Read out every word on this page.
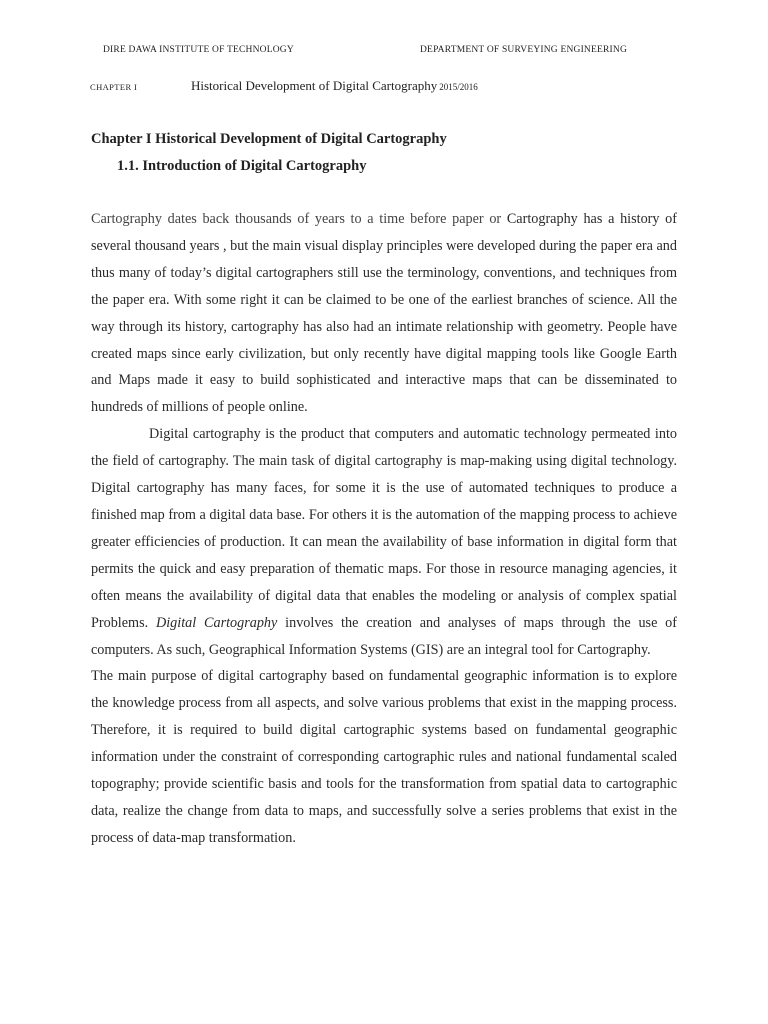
DIRE DAWA INSTITUTE OF TECHNOLOGY	DEPARTMENT OF SURVEYING ENGINEERING
CHAPTER I	Historical Development of Digital Cartography 2015/2016
Chapter I Historical Development of Digital Cartography
1.1. Introduction of Digital Cartography

Cartography dates back thousands of years to a time before paper or Cartography has a history of several thousand years , but the main visual display principles were developed during the paper era and thus many of today’s digital cartographers still use the terminology, conventions, and techniques from the paper era. With some right it can be claimed to be one of the earliest branches of science. All the way through its history, cartography has also had an intimate relationship with geometry. People have created maps since early civilization, but only recently have digital mapping tools like Google Earth and Maps made it easy to build sophisticated and interactive maps that can be disseminated to hundreds of millions of people online.

Digital cartography is the product that computers and automatic technology permeated into the field of cartography. The main task of digital cartography is map-making using digital technology. Digital cartography has many faces, for some it is the use of automated techniques to produce a finished map from a digital data base. For others it is the automation of the mapping process to achieve greater efficiencies of production. It can mean the availability of base information in digital form that permits the quick and easy preparation of thematic maps. For those in resource managing agencies, it often means the availability of digital data that enables the modeling or analysis of complex spatial Problems. Digital Cartography involves the creation and analyses of maps through the use of computers. As such, Geographical Information Systems (GIS) are an integral tool for Cartography.

The main purpose of digital cartography based on fundamental geographic information is to explore the knowledge process from all aspects, and solve various problems that exist in the mapping process. Therefore, it is required to build digital cartographic systems based on fundamental geographic information under the constraint of corresponding cartographic rules and national fundamental scaled topography; provide scientific basis and tools for the transformation from spatial data to cartographic data, realize the change from data to maps, and successfully solve a series problems that exist in the process of data-map transformation.
